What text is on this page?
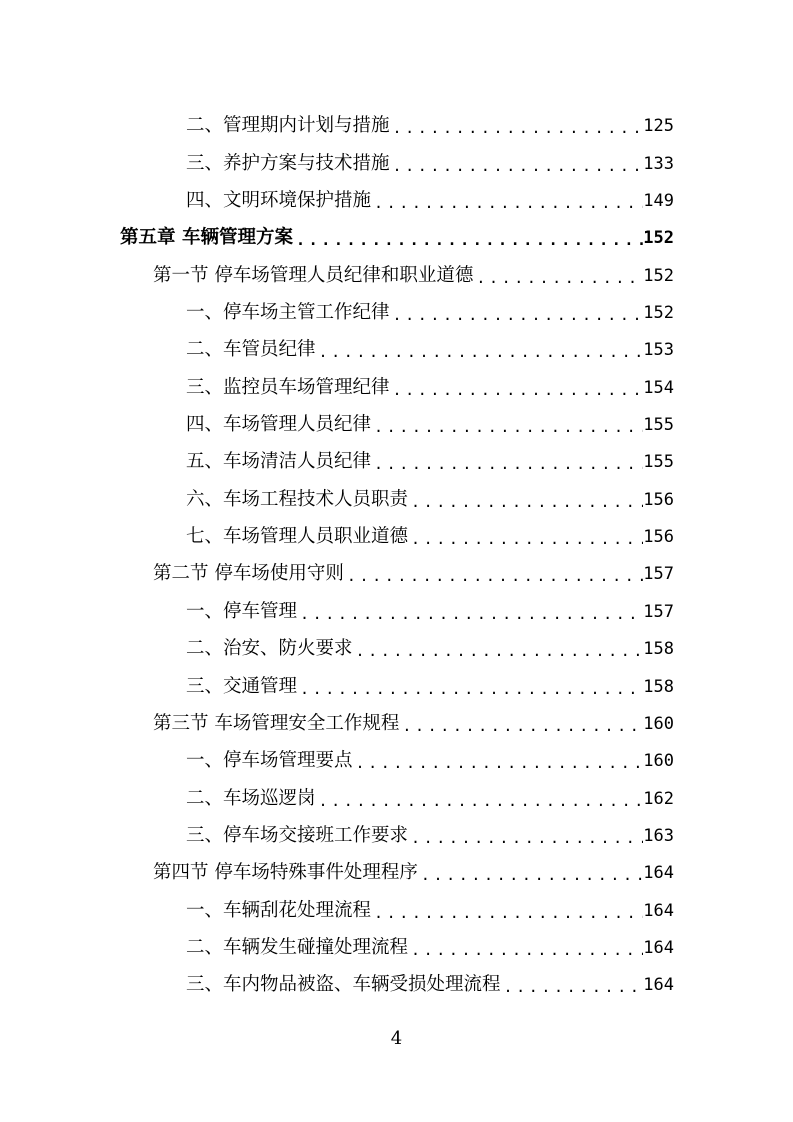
二、管理期内计划与措施 .....	125
三、养护方案与技术措施 .....	133
四、文明环境保护措施 .....	149
第五章 车辆管理方案 .....	152
第一节 停车场管理人员纪律和职业道德 .....	152
一、停车场主管工作纪律 .....	152
二、车管员纪律 .....	153
三、监控员车场管理纪律 .....	154
四、车场管理人员纪律 .....	155
五、车场清洁人员纪律 .....	155
六、车场工程技术人员职责 .....	156
七、车场管理人员职业道德 .....	156
第二节 停车场使用守则 .....	157
一、停车管理 .....	157
二、治安、防火要求 .....	158
三、交通管理 .....	158
第三节 车场管理安全工作规程 .....	160
一、停车场管理要点 .....	160
二、车场巡逻岗 .....	162
三、停车场交接班工作要求 .....	163
第四节 停车场特殊事件处理程序 .....	164
一、车辆刮花处理流程 .....	164
二、车辆发生碰撞处理流程 .....	164
三、车内物品被盗、车辆受损处理流程 .....	164
4
